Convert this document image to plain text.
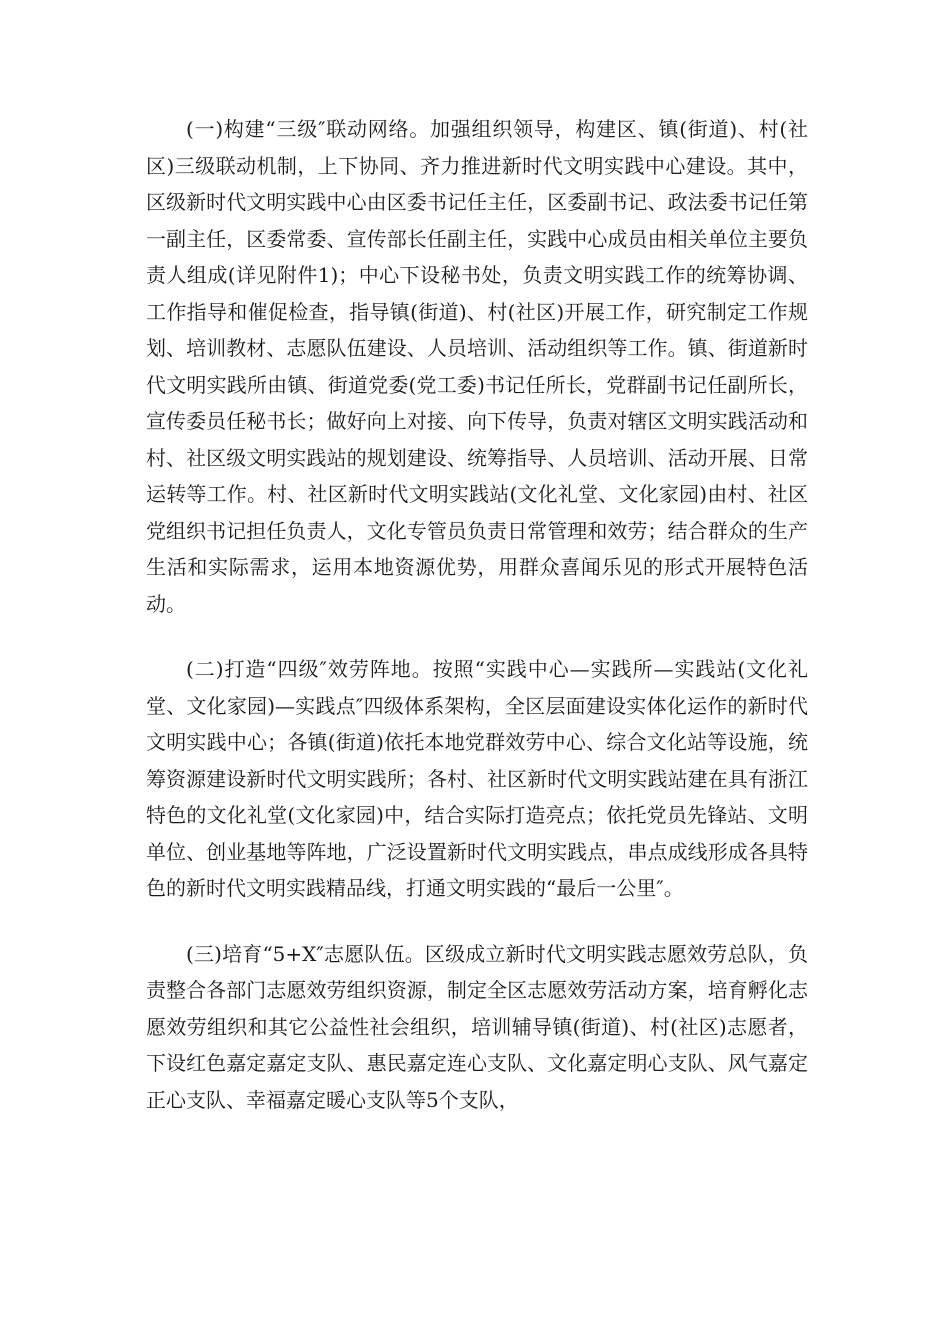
(一)构建“三级″联动网络。加强组织领导，构建区、镇(街道)、村(社区)三级联动机制，上下协同、齐力推进新时代文明实践中心建设。其中，区级新时代文明实践中心由区委书记任主任，区委副书记、政法委书记任第一副主任，区委常委、宣传部长任副主任，实践中心成员由相关单位主要负责人组成(详见附件1)；中心下设秘书处，负责文明实践工作的统筹协调、工作指导和催促检查，指导镇(街道)、村(社区)开展工作，研究制定工作规划、培训教材、志愿队伍建设、人员培训、活动组织等工作。镇、街道新时代文明实践所由镇、街道党委(党工委)书记任所长，党群副书记任副所长，宣传委员任秘书长；做好向上对接、向下传导，负责对辖区文明实践活动和村、社区级文明实践站的规划建设、统筹指导、人员培训、活动开展、日常运转等工作。村、社区新时代文明实践站(文化礼堂、文化家园)由村、社区党组织书记担任负责人，文化专管员负责日常管理和效劳；结合群众的生产生活和实际需求，运用本地资源优势，用群众喜闻乐见的形式开展特色活动。

(二)打造“四级″效劳阵地。按照“实践中心—实践所—实践站(文化礼堂、文化家园)—实践点″四级体系架构，全区层面建设实体化运作的新时代文明实践中心；各镇(街道)依托本地党群效劳中心、综合文化站等设施，统筹资源建设新时代文明实践所；各村、社区新时代文明实践站建在具有浙江特色的文化礼堂(文化家园)中，结合实际打造亮点；依托党员先锋站、文明单位、创业基地等阵地，广泛设置新时代文明实践点，串点成线形成各具特色的新时代文明实践精品线，打通文明实践的“最后一公里″。

(三)培育“5+X″志愿队伍。区级成立新时代文明实践志愿效劳总队，负责整合各部门志愿效劳组织资源，制定全区志愿效劳活动方案，培育孵化志愿效劳组织和其它公益性社会组织，培训辅导镇(街道)、村(社区)志愿者，下设红色嘉定嘉定支队、惠民嘉定连心支队、文化嘉定明心支队、风气嘉定正心支队、幸福嘉定暖心支队等5个支队，
